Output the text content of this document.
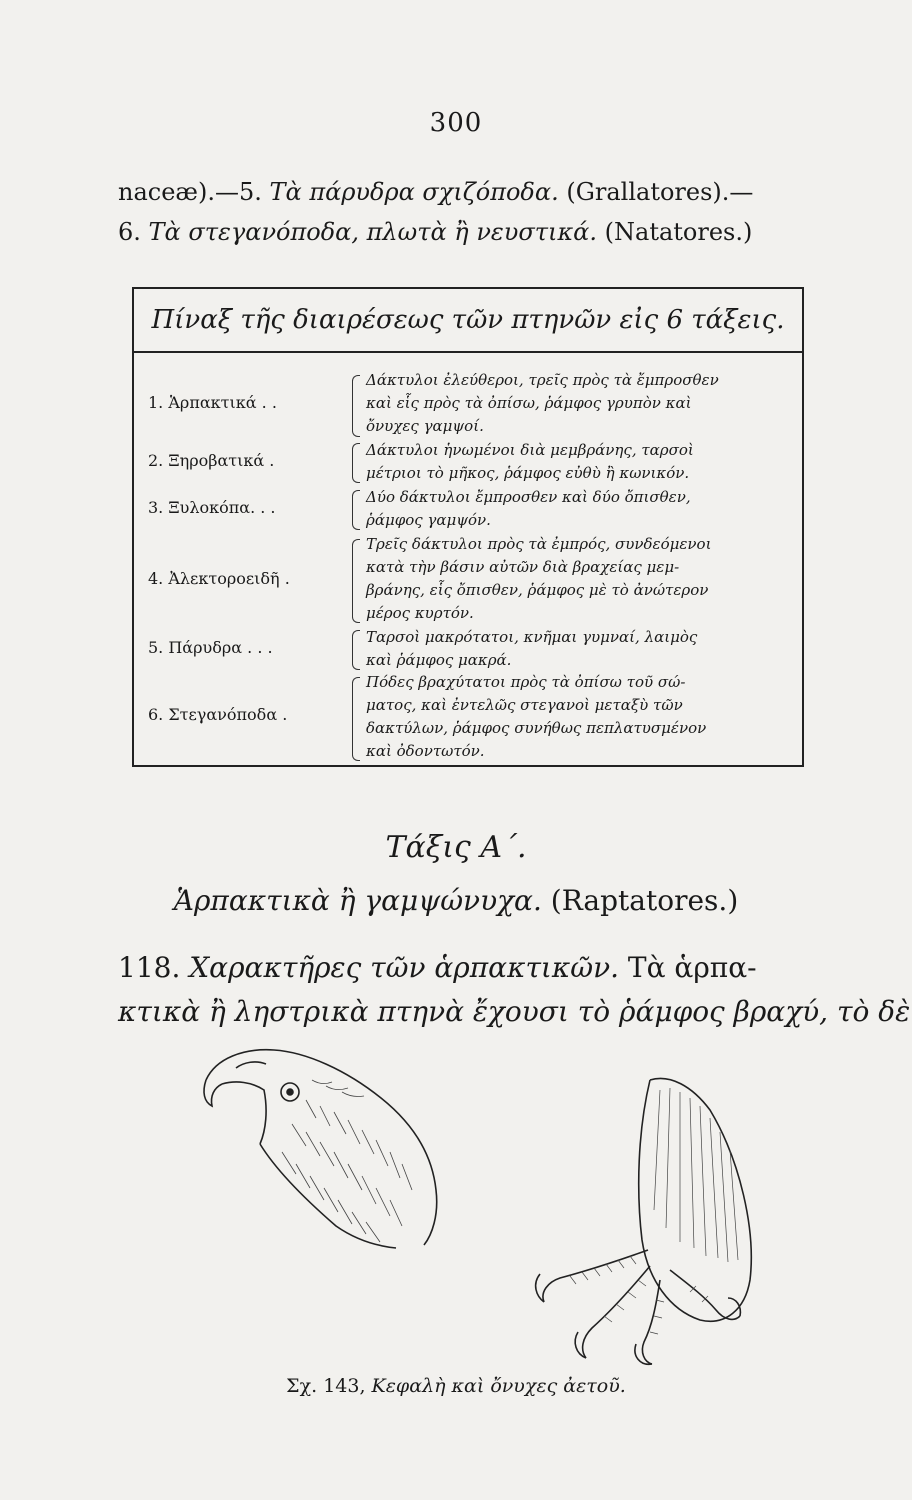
300
naceæ).—5. Τὰ πάρυδρα σχιζόποδα. (Grallatores).—
6. Τὰ στεγανόποδα, πλωτὰ ἢ νευστικά. (Natatores.)
Πίναξ τῆς διαιρέσεως τῶν πτηνῶν εἰς 6 τάξεις.
1. Ἁρπακτικά . .
Δάκτυλοι ἐλεύθεροι, τρεῖς πρὸς τὰ ἔμπροσθεν
καὶ εἷς πρὸς τὰ ὀπίσω, ῥάμφος γρυπὸν καὶ
ὄνυχες γαμψοί.
2. Ξηροβατικά .
Δάκτυλοι ἡνωμένοι διὰ μεμβράνης, ταρσοὶ
μέτριοι τὸ μῆκος, ῥάμφος εὐθὺ ἢ κωνικόν.
3. Ξυλοκόπα. . .
Δύο δάκτυλοι ἔμπροσθεν καὶ δύο ὄπισθεν,
ῥάμφος γαμψόν.
4. Ἀλεκτοροειδῆ .
Τρεῖς δάκτυλοι πρὸς τὰ ἐμπρός, συνδεόμενοι
κατὰ τὴν βάσιν αὐτῶν διὰ βραχείας μεμ-
βράνης, εἷς ὄπισθεν, ῥάμφος μὲ τὸ ἀνώτερον
μέρος κυρτόν.
5. Πάρυδρα . . .
Ταρσοὶ μακρότατοι, κνῆμαι γυμναί, λαιμὸς
καὶ ῥάμφος μακρά.
6. Στεγανόποδα .
Πόδες βραχύτατοι πρὸς τὰ ὀπίσω τοῦ σώ-
ματος, καὶ ἐντελῶς στεγανοὶ μεταξὺ τῶν
δακτύλων, ῥάμφος συνήθως πεπλατυσμένον
καὶ ὀδοντωτόν.
Τάξις Α΄.
Ἁρπακτικὰ ἢ γαμψώνυχα. (Raptatores.)
118. Χαρακτῆρες τῶν ἁρπακτικῶν. Τὰ ἁρπα-
κτικὰ ἢ ληστρικὰ πτηνὰ ἔχουσι τὸ ῥάμφος βραχύ, τὸ δὲ
Σχ. 143, Κεφαλὴ καὶ ὄνυχες ἀετοῦ.
